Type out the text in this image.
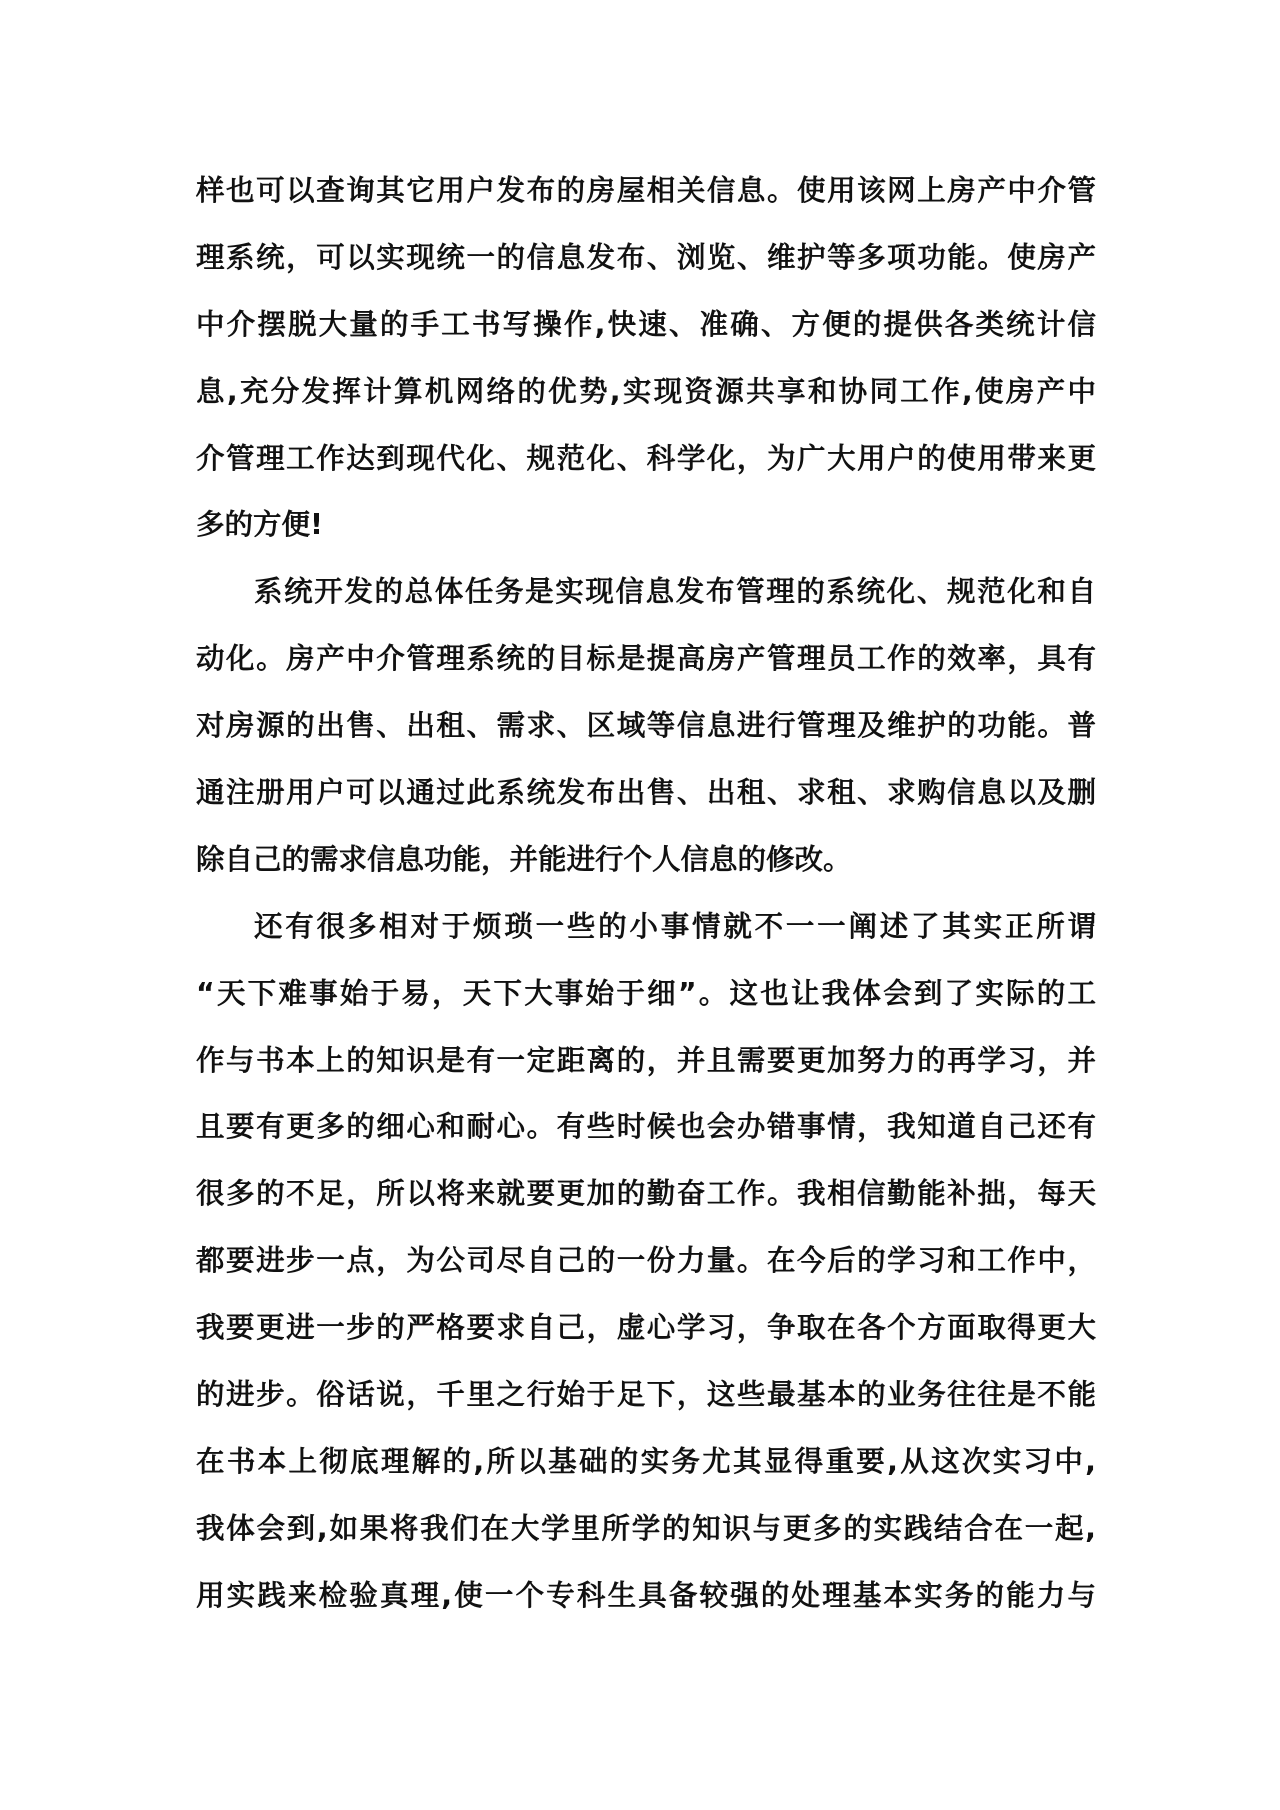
样也可以查询其它用户发布的房屋相关信息。使用该网上房产中介管
理系统，可以实现统一的信息发布、浏览、维护等多项功能。使房产
中介摆脱大量的手工书写操作,快速、准确、方便的提供各类统计信
息,充分发挥计算机网络的优势,实现资源共享和协同工作,使房产中
介管理工作达到现代化、规范化、科学化，为广大用户的使用带来更
多的方便!
系统开发的总体任务是实现信息发布管理的系统化、规范化和自
动化。房产中介管理系统的目标是提高房产管理员工作的效率，具有
对房源的出售、出租、需求、区域等信息进行管理及维护的功能。普
通注册用户可以通过此系统发布出售、出租、求租、求购信息以及删
除自己的需求信息功能，并能进行个人信息的修改。
还有很多相对于烦琐一些的小事情就不一一阐述了其实正所谓
“天下难事始于易，天下大事始于细”。这也让我体会到了实际的工
作与书本上的知识是有一定距离的，并且需要更加努力的再学习，并
且要有更多的细心和耐心。有些时候也会办错事情，我知道自己还有
很多的不足，所以将来就要更加的勤奋工作。我相信勤能补拙，每天
都要进步一点，为公司尽自己的一份力量。在今后的学习和工作中，
我要更进一步的严格要求自己，虚心学习，争取在各个方面取得更大
的进步。俗话说，千里之行始于足下，这些最基本的业务往往是不能
在书本上彻底理解的,所以基础的实务尤其显得重要,从这次实习中,
我体会到,如果将我们在大学里所学的知识与更多的实践结合在一起,
用实践来检验真理,使一个专科生具备较强的处理基本实务的能力与
